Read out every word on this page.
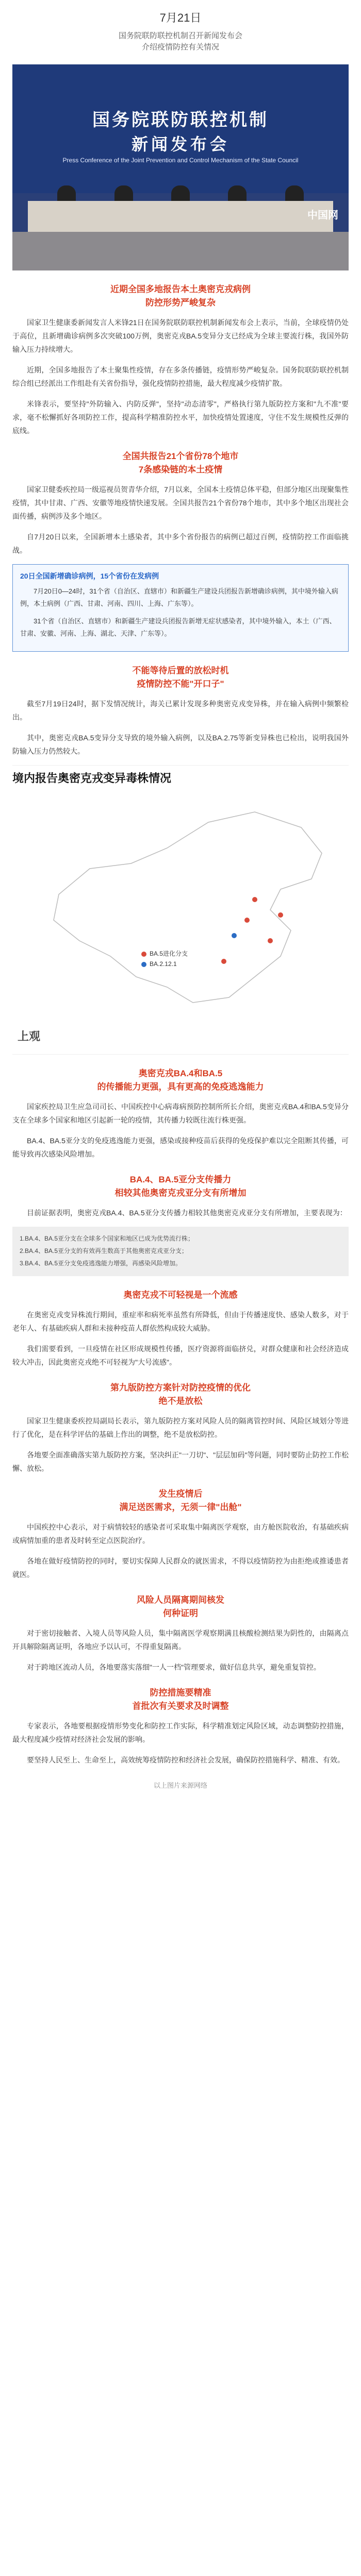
7月21日
国务院联防联控机制召开新闻发布会
介绍疫情防控有关情况
国务院联防联控机制
新闻发布会
Press Conference of the Joint Prevention and Control Mechanism of the State Council
中国网
近期全国多地报告本土奥密克戎病例
防控形势严峻复杂

国家卫生健康委新闻发言人米锋21日在国务院联防联控机制新闻发布会上表示，当前，全球疫情仍处于高位，且新增确诊病例多次突破100万例，奥密克戎BA.5变异分支已经成为全球主要流行株，我国外防输入压力持续增大。

近期，全国多地报告了本土聚集性疫情，存在多条传播链，疫情形势严峻复杂。国务院联防联控机制综合组已经派出工作组赴有关省份指导，强化疫情防控措施，最大程度减少疫情扩散。

米锋表示，要坚持"外防输入、内防反弹"，坚持"动态清零"，严格执行第九版防控方案和"九不准"要求，毫不松懈抓好各项防控工作，提高科学精准防控水平，加快疫情处置速度，守住不发生规模性反弹的底线。

全国共报告21个省份78个地市
7条感染链的本土疫情

国家卫健委疾控局一级巡视员贺青华介绍，7月以来，全国本土疫情总体平稳，但部分地区出现聚集性疫情，其中甘肃、广西、安徽等地疫情快速发展。全国共报告21个省份78个地市，其中多个地区出现社会面传播，病例涉及多个地区。

自7月20日以来，全国新增本土感染者，其中多个省份报告的病例已超过百例，疫情防控工作面临挑战。

20日全国新增确诊病例，15个省份在发病例

7月20日0—24时，31个省（自治区、直辖市）和新疆生产建设兵团报告新增确诊病例，其中境外输入病例，本土病例（广西、甘肃、河南、四川、上海、广东等）。

31个省（自治区、直辖市）和新疆生产建设兵团报告新增无症状感染者，其中境外输入，本土（广西、甘肃、安徽、河南、上海、湖北、天津、广东等）。

不能等待后置的放松时机
疫情防控不能"开口子"

截至7月19日24时，据下发情况统计，海关已累计发现多种奥密克戎变异株，并在输入病例中频繁检出。

其中，奥密克戎BA.5变异分支导致的境外输入病例，以及BA.2.75等新变异株也已检出，说明我国外防输入压力仍然较大。

境内报告奥密克戎变异毒株情况
BA.5进化分支
BA.2.12.1
上观
奥密克戎BA.4和BA.5
的传播能力更强，具有更高的免疫逃逸能力

国家疾控局卫生应急司司长、中国疾控中心病毒病预防控制所所长介绍，奥密克戎BA.4和BA.5变异分支在全球多个国家和地区引起新一轮的疫情，其传播力较既往流行株更强。

BA.4、BA.5亚分支的免疫逃逸能力更强，感染或接种疫苗后获得的免疫保护难以完全阻断其传播，可能导致再次感染风险增加。

BA.4、BA.5亚分支传播力
相较其他奥密克戎亚分支有所增加

目前证据表明，奥密克戎BA.4、BA.5亚分支传播力相较其他奥密克戎亚分支有所增加，主要表现为：

1.BA.4、BA.5亚分支在全球多个国家和地区已成为优势流行株；
2.BA.4、BA.5亚分支的有效再生数高于其他奥密克戎亚分支；
3.BA.4、BA.5亚分支免疫逃逸能力增强，再感染风险增加。
奥密克戎不可轻视是一个流感

在奥密克戎变异株流行期间，重症率和病死率虽然有所降低，但由于传播速度快、感染人数多，对于老年人、有基础疾病人群和未接种疫苗人群依然构成较大威胁。

我们需要看到，一旦疫情在社区形成规模性传播，医疗资源将面临挤兑，对群众健康和社会经济造成较大冲击，因此奥密克戎绝不可轻视为"大号流感"。

第九版防控方案针对防控疫情的优化
绝不是放松

国家卫生健康委疾控局副局长表示，第九版防控方案对风险人员的隔离管控时间、风险区域划分等进行了优化，是在科学评估的基础上作出的调整，绝不是放松防控。

各地要全面准确落实第九版防控方案，坚决纠正"一刀切"、"层层加码"等问题，同时要防止防控工作松懈、放松。

发生疫情后
满足送医需求，无须一律"出舱"

中国疾控中心表示，对于病情较轻的感染者可采取集中隔离医学观察，由方舱医院收治，有基础疾病或病情加重的患者及时转至定点医院治疗。

各地在做好疫情防控的同时，要切实保障人民群众的就医需求，不得以疫情防控为由拒绝或推诿患者就医。

风险人员隔离期间核发
何种证明

对于密切接触者、入境人员等风险人员，集中隔离医学观察期满且核酸检测结果为阴性的，由隔离点开具解除隔离证明，各地应予以认可，不得重复隔离。

对于跨地区流动人员，各地要落实落细"一人一档"管理要求，做好信息共享，避免重复管控。

防控措施要精准
首批次有关要求及时调整

专家表示，各地要根据疫情形势变化和防控工作实际，科学精准划定风险区域，动态调整防控措施，最大程度减少疫情对经济社会发展的影响。

要坚持人民至上、生命至上，高效统筹疫情防控和经济社会发展，确保防控措施科学、精准、有效。

以上图片来源网络
